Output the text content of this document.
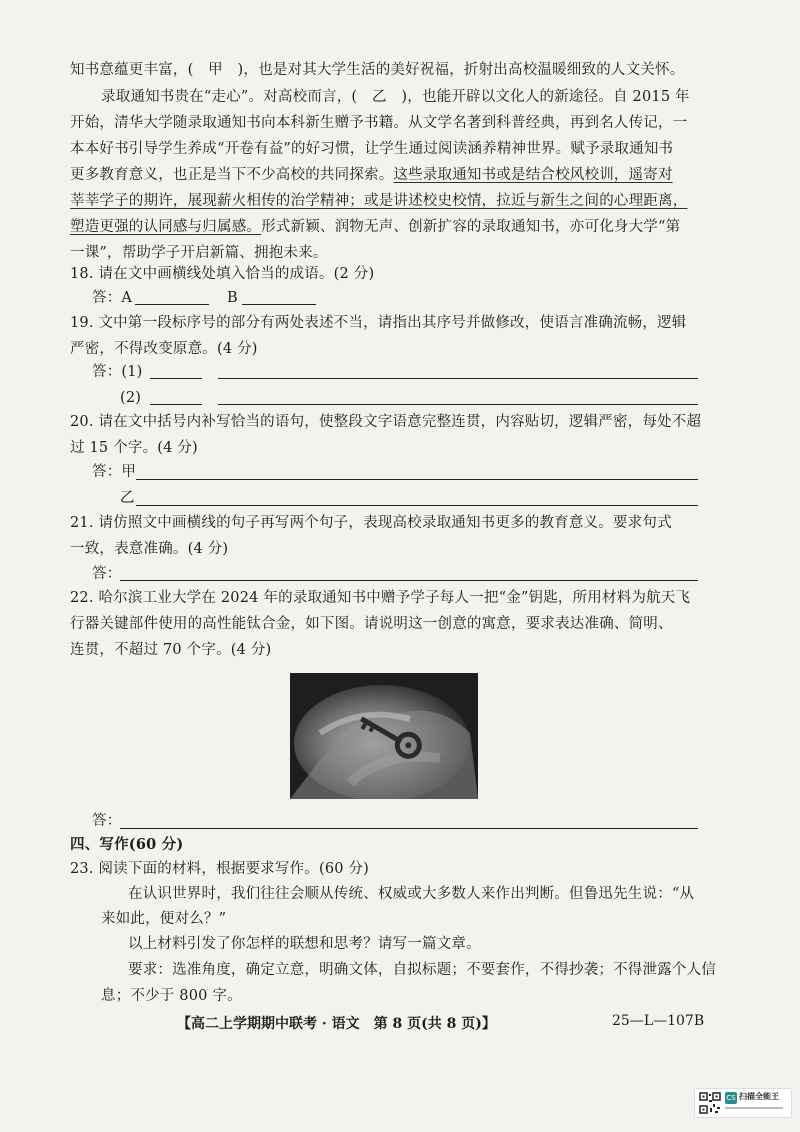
知书意蕴更丰富，(　甲　)，也是对其大学生活的美好祝福，折射出高校温暖细致的人文关怀。
录取通知书贵在“走心”。对高校而言，(　乙　)，也能开辟以文化人的新途径。自 2015 年
开始，清华大学随录取通知书向本科新生赠予书籍。从文学名著到科普经典，再到名人传记，一
本本好书引导学生养成“开卷有益”的好习惯，让学生通过阅读涵养精神世界。赋予录取通知书
更多教育意义，也正是当下不少高校的共同探索。这些录取通知书或是结合校风校训，遥寄对
莘莘学子的期许，展现薪火相传的治学精神；或是讲述校史校情，拉近与新生之间的心理距离，
塑造更强的认同感与归属感。形式新颖、润物无声、创新扩容的录取通知书，亦可化身大学“第
一课”，帮助学子开启新篇、拥抱未来。
18. 请在文中画横线处填入恰当的成语。(2 分)
答：A	B
19. 文中第一段标序号的部分有两处表述不当，请指出其序号并做修改，使语言准确流畅，逻辑
严密，不得改变原意。(4 分)
答：(1)
(2)
20. 请在文中括号内补写恰当的语句，使整段文字语意完整连贯，内容贴切，逻辑严密，每处不超
过 15 个字。(4 分)
答：甲
乙
21. 请仿照文中画横线的句子再写两个句子，表现高校录取通知书更多的教育意义。要求句式
一致，表意准确。(4 分)
答：
22. 哈尔滨工业大学在 2024 年的录取通知书中赠予学子每人一把“金”钥匙，所用材料为航天飞
行器关键部件使用的高性能钛合金，如下图。请说明这一创意的寓意，要求表达准确、简明、
连贯，不超过 70 个字。(4 分)
答：
四、写作(60 分)
23. 阅读下面的材料，根据要求写作。(60 分)
在认识世界时，我们往往会顺从传统、权威或大多数人来作出判断。但鲁迅先生说：“从
来如此，便对么？”
以上材料引发了你怎样的联想和思考？请写一篇文章。
要求：选准角度，确定立意，明确文体，自拟标题；不要套作，不得抄袭；不得泄露个人信
息；不少于 800 字。
【高二上学期期中联考 · 语文　第 8 页(共 8 页)】	25—L—107B
CS 扫描全能王
